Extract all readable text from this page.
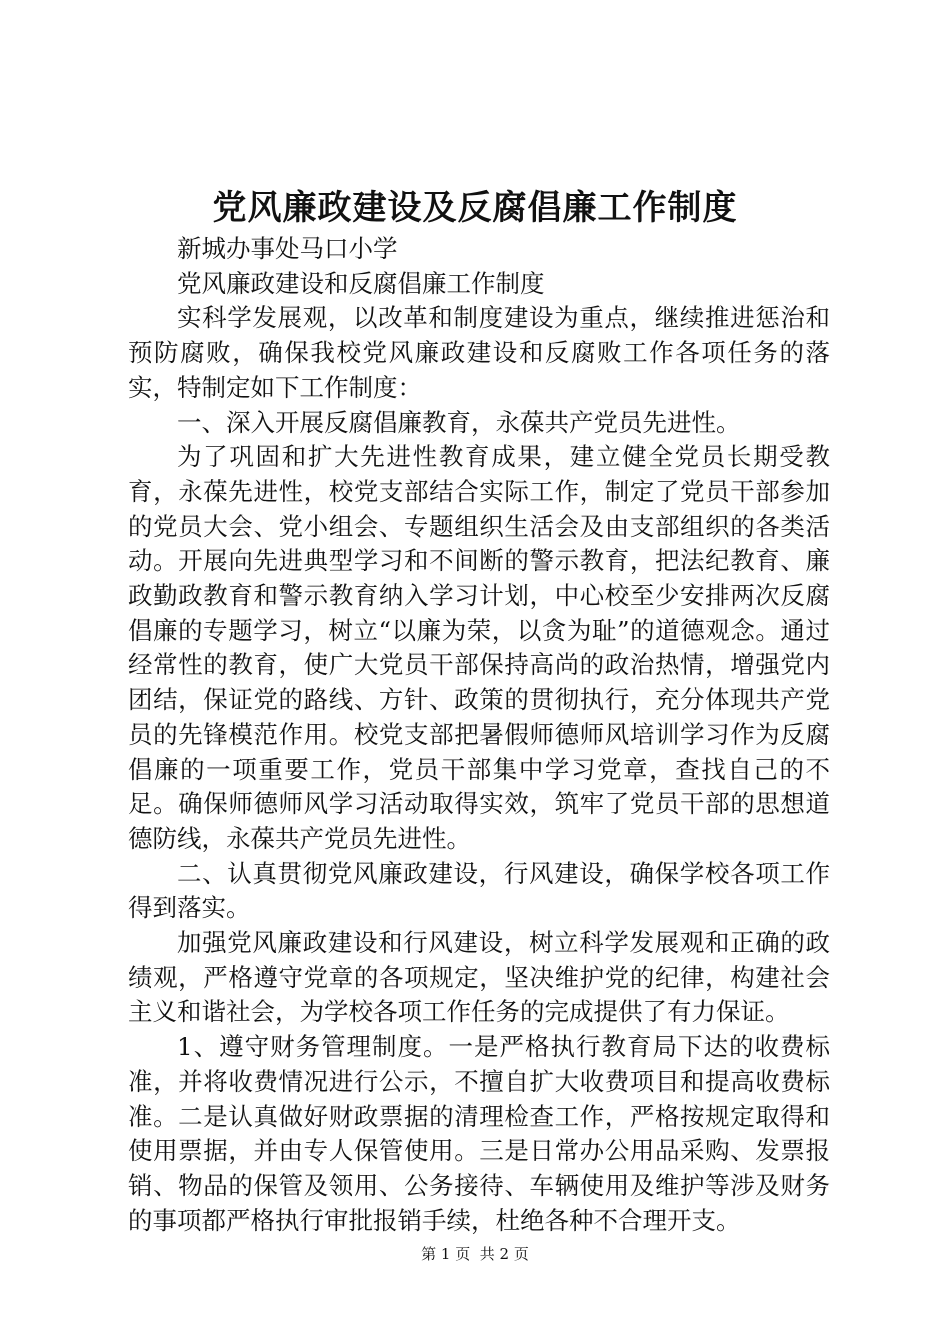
党风廉政建设及反腐倡廉工作制度

新城办事处马口小学

党风廉政建设和反腐倡廉工作制度

实科学发展观，以改革和制度建设为重点，继续推进惩治和预防腐败，确保我校党风廉政建设和反腐败工作各项任务的落实，特制定如下工作制度：

一、深入开展反腐倡廉教育，永葆共产党员先进性。

为了巩固和扩大先进性教育成果，建立健全党员长期受教育，永葆先进性，校党支部结合实际工作，制定了党员干部参加的党员大会、党小组会、专题组织生活会及由支部组织的各类活动。开展向先进典型学习和不间断的警示教育，把法纪教育、廉政勤政教育和警示教育纳入学习计划，中心校至少安排两次反腐倡廉的专题学习，树立“以廉为荣，以贪为耻”的道德观念。通过经常性的教育，使广大党员干部保持高尚的政治热情，增强党内团结，保证党的路线、方针、政策的贯彻执行，充分体现共产党员的先锋模范作用。校党支部把暑假师德师风培训学习作为反腐倡廉的一项重要工作，党员干部集中学习党章，查找自己的不足。确保师德师风学习活动取得实效，筑牢了党员干部的思想道德防线，永葆共产党员先进性。

二、认真贯彻党风廉政建设，行风建设，确保学校各项工作得到落实。

加强党风廉政建设和行风建设，树立科学发展观和正确的政绩观，严格遵守党章的各项规定，坚决维护党的纪律，构建社会主义和谐社会，为学校各项工作任务的完成提供了有力保证。

1、遵守财务管理制度。一是严格执行教育局下达的收费标准，并将收费情况进行公示，不擅自扩大收费项目和提高收费标准。二是认真做好财政票据的清理检查工作，严格按规定取得和使用票据，并由专人保管使用。三是日常办公用品采购、发票报销、物品的保管及领用、公务接待、车辆使用及维护等涉及财务的事项都严格执行审批报销手续，杜绝各种不合理开支。

第 1 页  共 2 页
